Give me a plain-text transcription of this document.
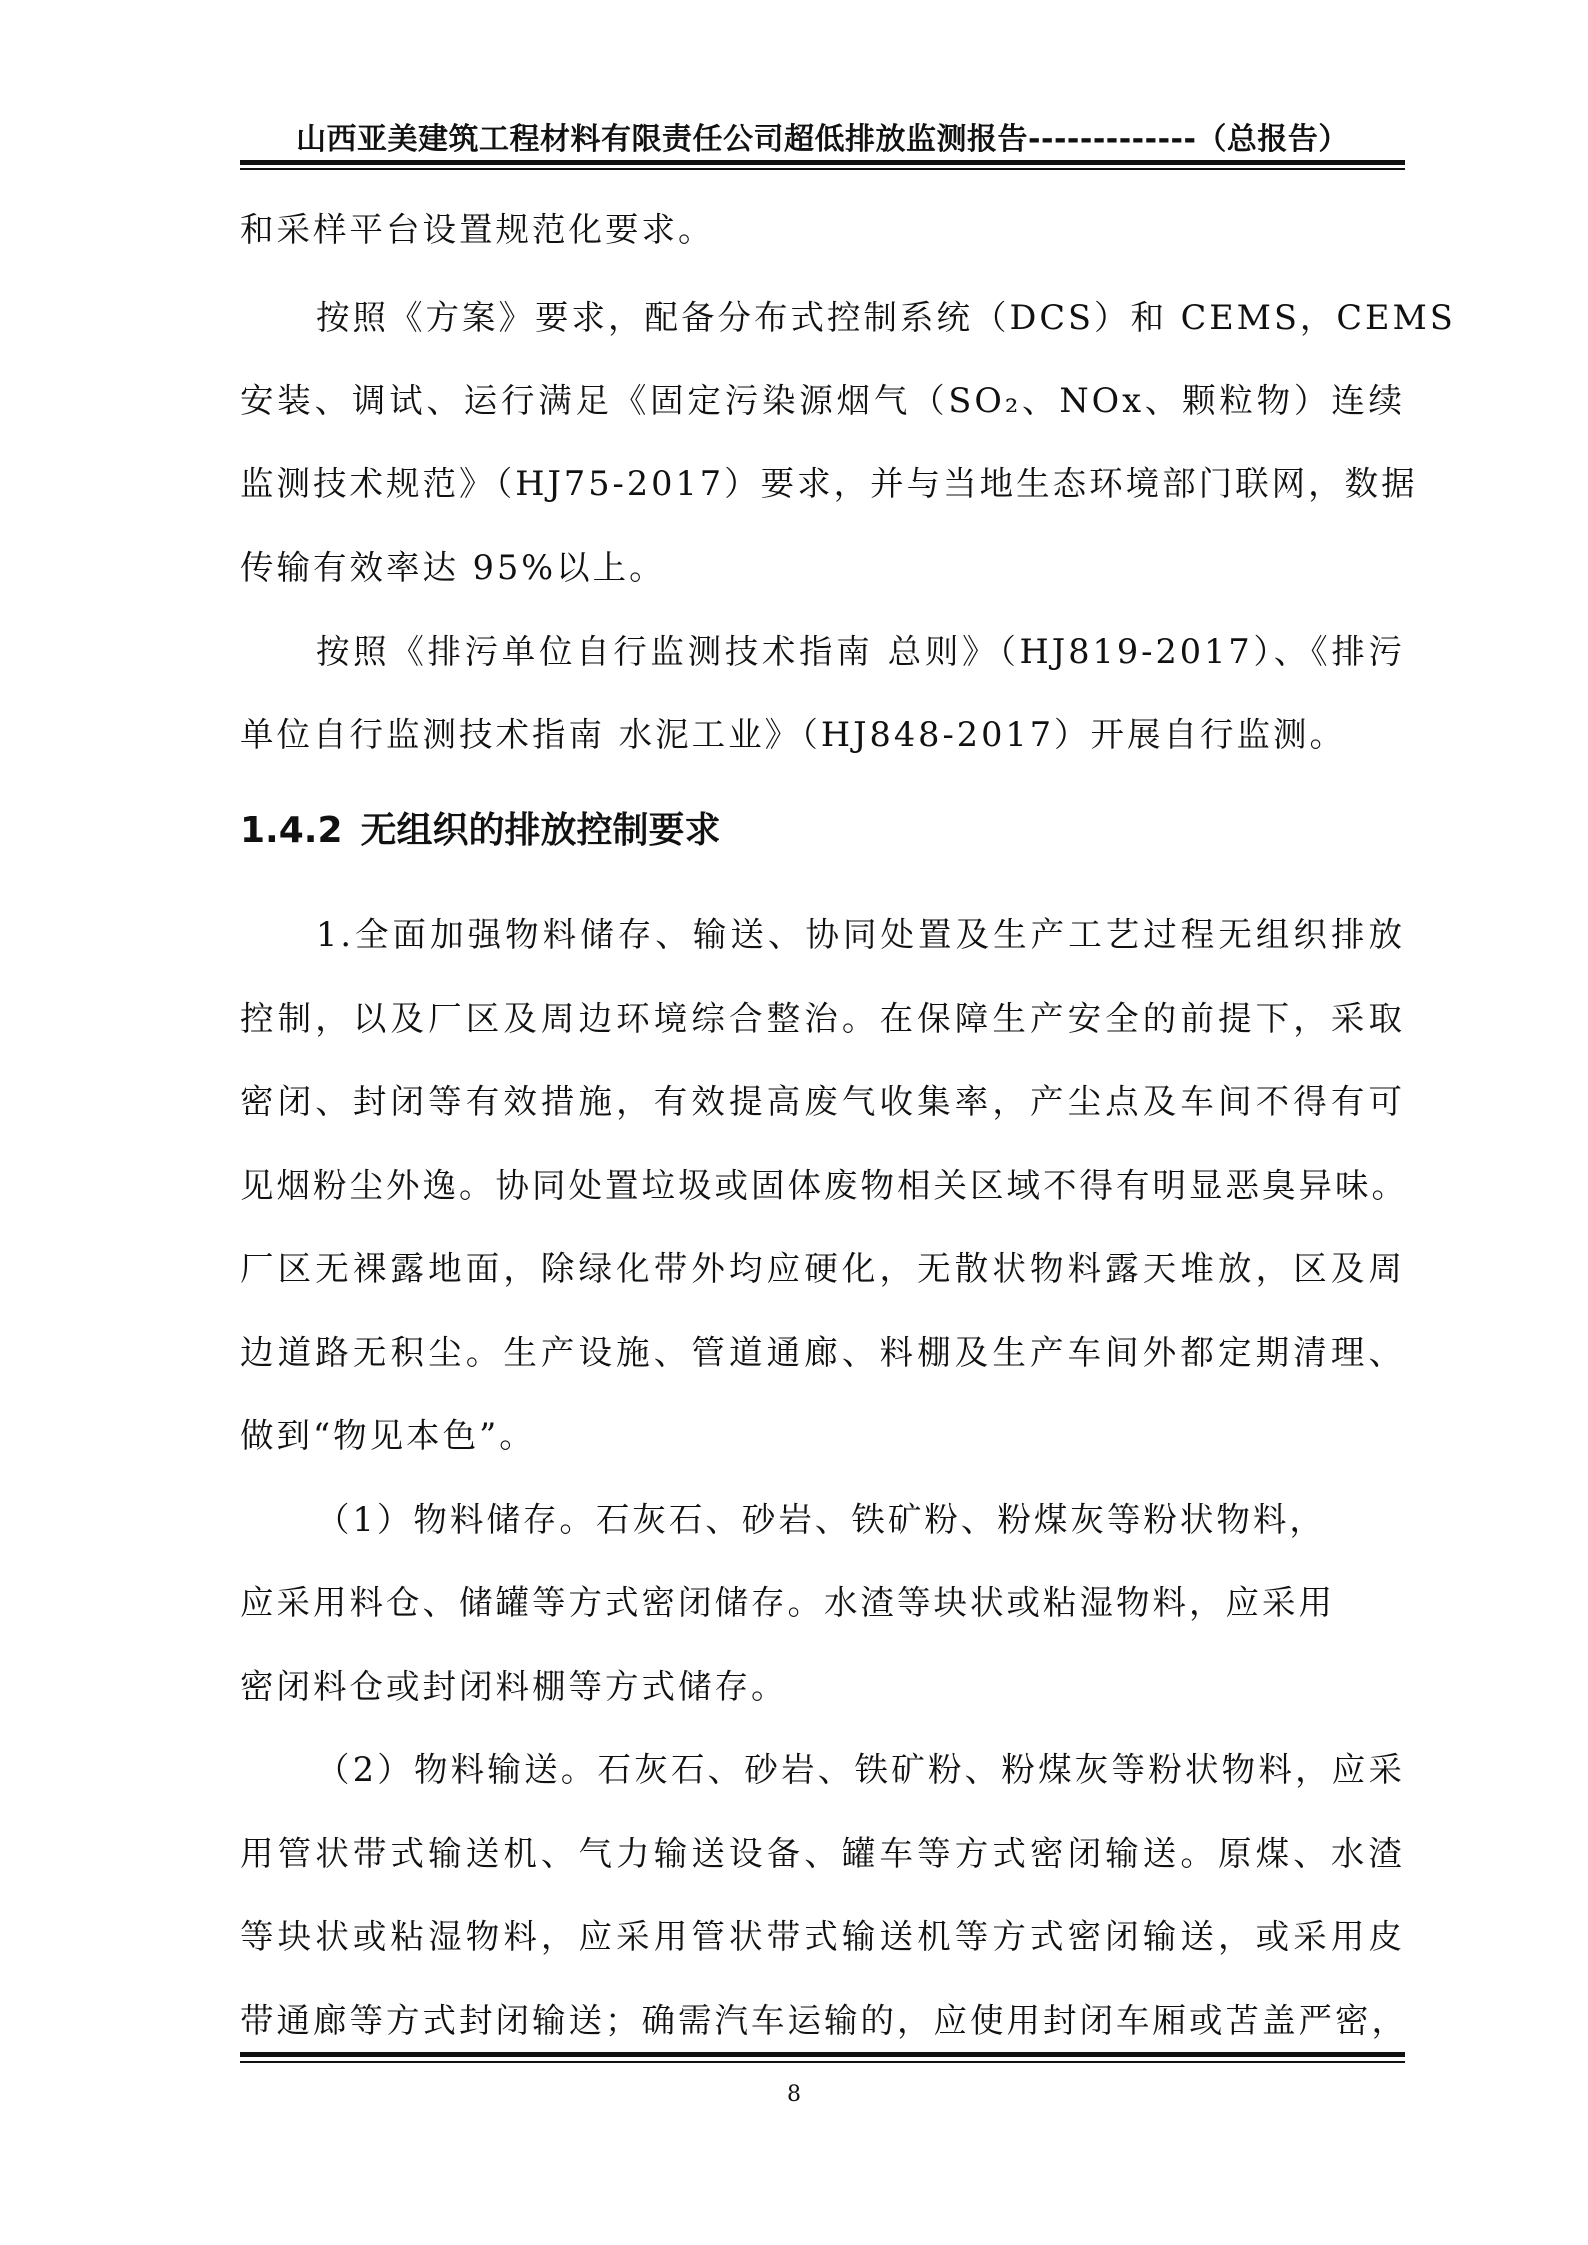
山西亚美建筑工程材料有限责任公司超低排放监测报告-------------（总报告）
和采样平台设置规范化要求。
按照《方案》要求，配备分布式控制系统（DCS）和 CEMS，CEMS
安装、调试、运行满足《固定污染源烟气（SO₂、NOx、颗粒物）连续
监测技术规范》（HJ75-2017）要求，并与当地生态环境部门联网，数据
传输有效率达 95%以上。
按照《排污单位自行监测技术指南 总则》（HJ819-2017）、《排污
单位自行监测技术指南 水泥工业》（HJ848-2017）开展自行监测。
1.4.2 无组织的排放控制要求
1.全面加强物料储存、输送、协同处置及生产工艺过程无组织排放
控制，以及厂区及周边环境综合整治。在保障生产安全的前提下，采取
密闭、封闭等有效措施，有效提高废气收集率，产尘点及车间不得有可
见烟粉尘外逸。协同处置垃圾或固体废物相关区域不得有明显恶臭异味。
厂区无裸露地面，除绿化带外均应硬化，无散状物料露天堆放，区及周
边道路无积尘。生产设施、管道通廊、料棚及生产车间外都定期清理、
做到“物见本色”。
（1）物料储存。石灰石、砂岩、铁矿粉、粉煤灰等粉状物料，
应采用料仓、储罐等方式密闭储存。水渣等块状或粘湿物料，应采用
密闭料仓或封闭料棚等方式储存。
（2）物料输送。石灰石、砂岩、铁矿粉、粉煤灰等粉状物料，应采
用管状带式输送机、气力输送设备、罐车等方式密闭输送。原煤、水渣
等块状或粘湿物料，应采用管状带式输送机等方式密闭输送，或采用皮
带通廊等方式封闭输送；确需汽车运输的，应使用封闭车厢或苫盖严密，
8
